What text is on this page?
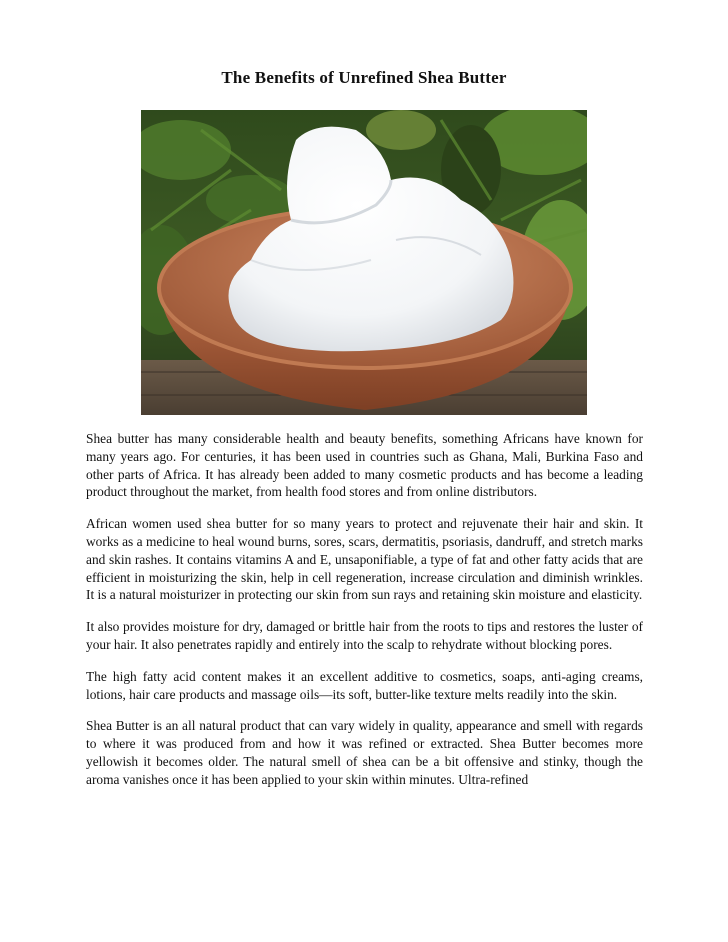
The Benefits of Unrefined Shea Butter

Shea butter has many considerable health and beauty benefits, something Africans have known for many years ago. For centuries, it has been used in countries such as Ghana, Mali, Burkina Faso and other parts of Africa. It has already been added to many cosmetic products and has become a leading product throughout the market, from health food stores and from online distributors.

African women used shea butter for so many years to protect and rejuvenate their hair and skin. It works as a medicine to heal wound burns, sores, scars, dermatitis, psoriasis, dandruff, and stretch marks and skin rashes. It contains vitamins A and E, unsaponifiable, a type of fat and other fatty acids that are efficient in moisturizing the skin, help in cell regeneration, increase circulation and diminish wrinkles. It is a natural moisturizer in protecting our skin from sun rays and retaining skin moisture and elasticity.

It also provides moisture for dry, damaged or brittle hair from the roots to tips and restores the luster of your hair. It also penetrates rapidly and entirely into the scalp to rehydrate without blocking pores.

The high fatty acid content makes it an excellent additive to cosmetics, soaps, anti-aging creams, lotions, hair care products and massage oils—its soft, butter-like texture melts readily into the skin.

Shea Butter is an all natural product that can vary widely in quality, appearance and smell with regards to where it was produced from and how it was refined or extracted. Shea Butter becomes more yellowish it becomes older. The natural smell of shea can be a bit offensive and stinky, though the aroma vanishes once it has been applied to your skin within minutes. Ultra-refined
